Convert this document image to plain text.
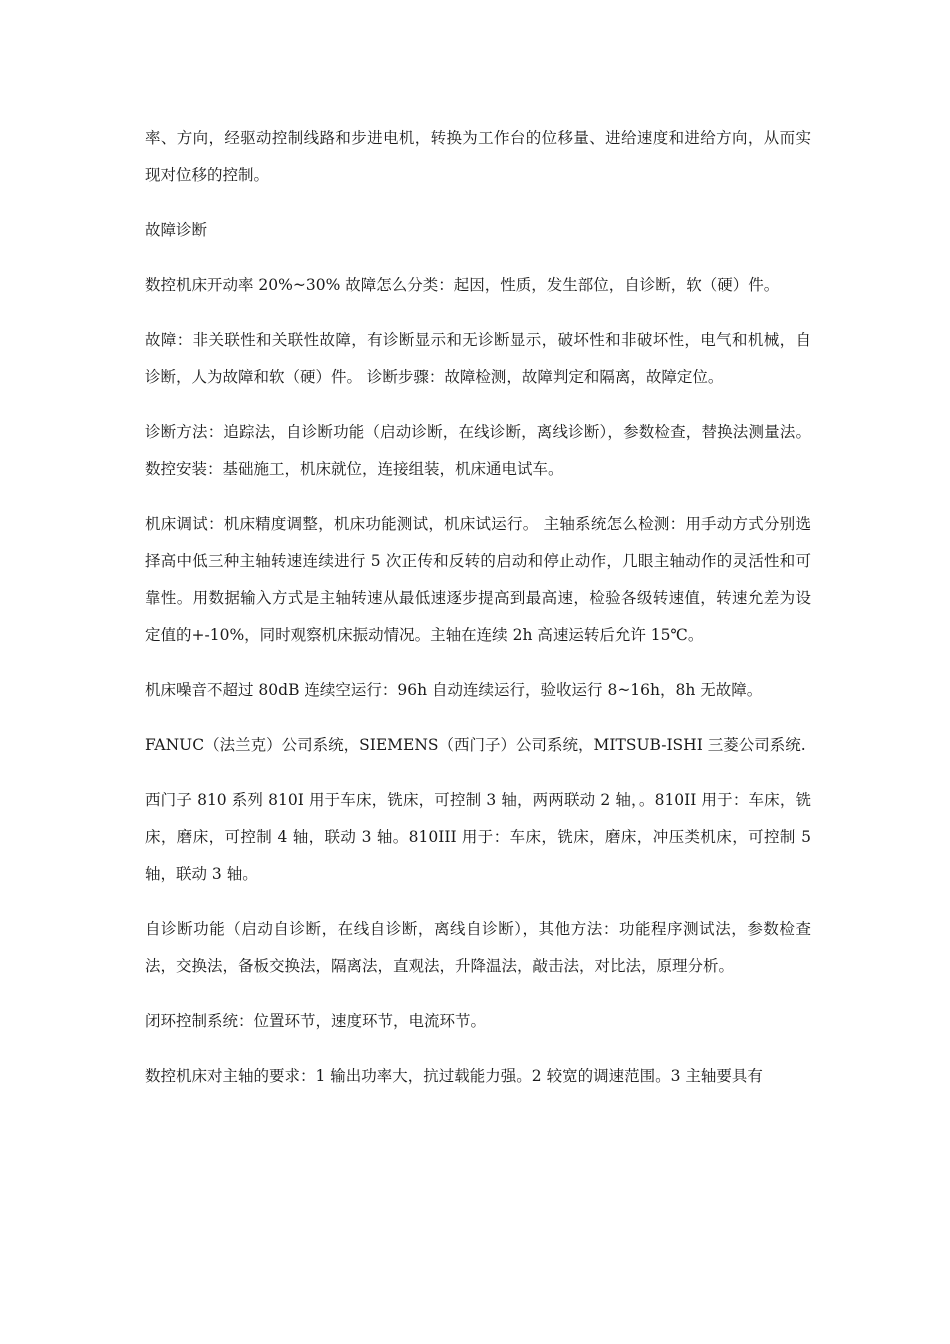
率、方向，经驱动控制线路和步进电机，转换为工作台的位移量、进给速度和进给方向，从而实现对位移的控制。

故障诊断

数控机床开动率 20%~30% 故障怎么分类：起因，性质，发生部位，自诊断，软（硬）件。

故障：非关联性和关联性故障，有诊断显示和无诊断显示，破坏性和非破坏性，电气和机械，自诊断，人为故障和软（硬）件。 诊断步骤：故障检测，故障判定和隔离，故障定位。

诊断方法：追踪法，自诊断功能（启动诊断，在线诊断，离线诊断），参数检查，替换法测量法。 数控安装：基础施工，机床就位，连接组装，机床通电试车。

机床调试：机床精度调整，机床功能测试，机床试运行。 主轴系统怎么检测：用手动方式分别选择高中低三种主轴转速连续进行 5 次正传和反转的启动和停止动作，几眼主轴动作的灵活性和可靠性。用数据输入方式是主轴转速从最低速逐步提高到最高速，检验各级转速值，转速允差为设定值的+-10%，同时观察机床振动情况。主轴在连续 2h 高速运转后允许 15℃。

机床噪音不超过 80dB 连续空运行：96h 自动连续运行，验收运行 8~16h，8h 无故障。

FANUC（法兰克）公司系统，SIEMENS（西门子）公司系统，MITSUB-ISHI 三菱公司系统.

西门子 810 系列 810I 用于车床，铣床，可控制 3 轴，两两联动 2 轴，。810II 用于：车床，铣床，磨床，可控制 4 轴，联动 3 轴。810III 用于：车床，铣床，磨床，冲压类机床，可控制 5 轴，联动 3 轴。

自诊断功能（启动自诊断，在线自诊断，离线自诊断），其他方法：功能程序测试法，参数检查法，交换法，备板交换法，隔离法，直观法，升降温法，敲击法，对比法，原理分析。

闭环控制系统：位置环节，速度环节，电流环节。

数控机床对主轴的要求：1 输出功率大，抗过载能力强。2 较宽的调速范围。3 主轴要具有
